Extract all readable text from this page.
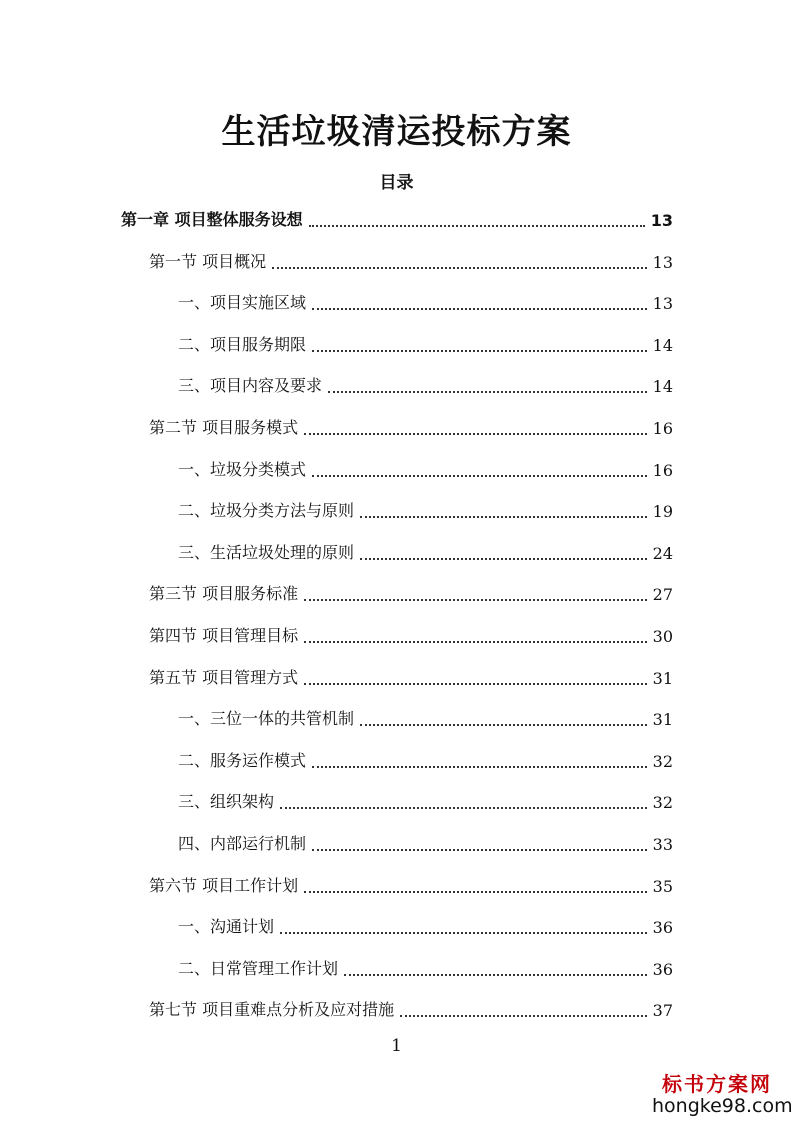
生活垃圾清运投标方案
目录
第一章 项目整体服务设想	13
第一节 项目概况	13
一、项目实施区域	13
二、项目服务期限	14
三、项目内容及要求	14
第二节 项目服务模式	16
一、垃圾分类模式	16
二、垃圾分类方法与原则	19
三、生活垃圾处理的原则	24
第三节 项目服务标准	27
第四节 项目管理目标	30
第五节 项目管理方式	31
一、三位一体的共管机制	31
二、服务运作模式	32
三、组织架构	32
四、内部运行机制	33
第六节 项目工作计划	35
一、沟通计划	36
二、日常管理工作计划	36
第七节 项目重难点分析及应对措施	37
1
标书方案网
hongke98.com
